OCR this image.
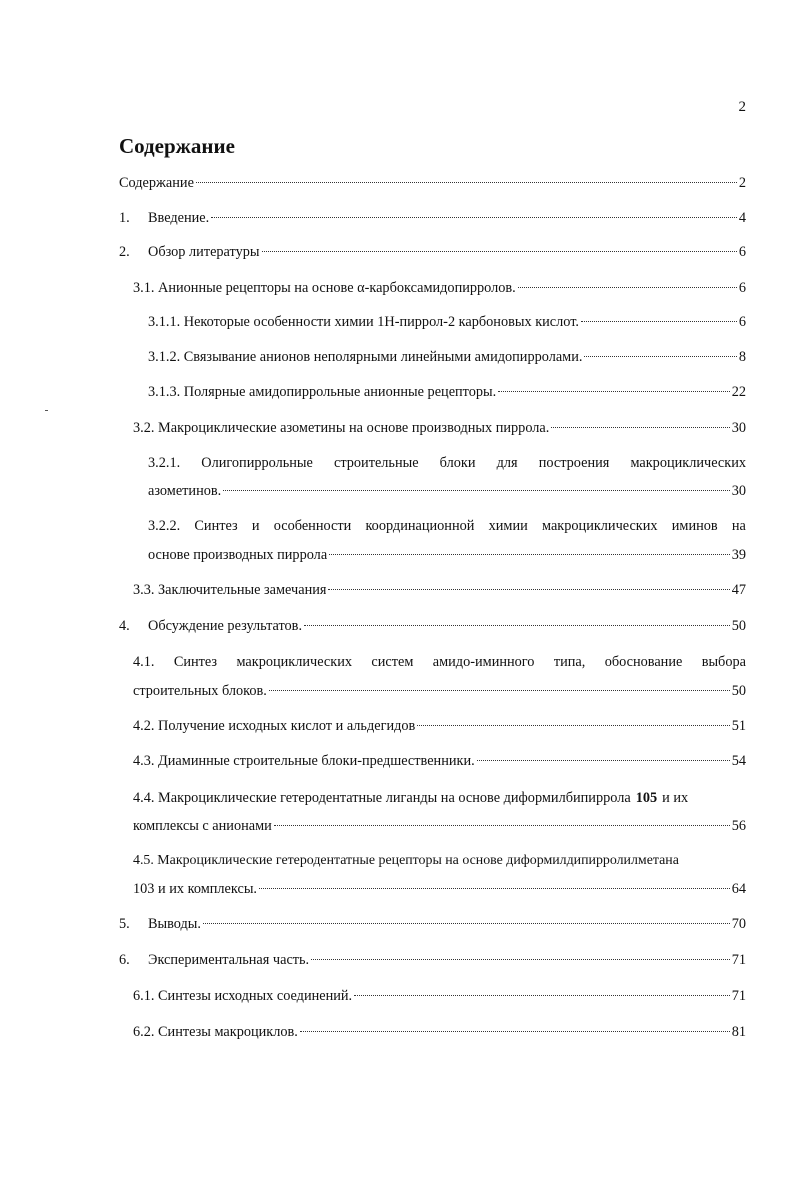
2
Содержание
Содержание	2
1.	Введение.	4
2.	Обзор литературы	6
3.1. Анионные рецепторы на основе α-карбоксамидопирролов.	6
3.1.1. Некоторые особенности химии 1Н-пиррол-2 карбоновых кислот.	6
3.1.2. Связывание анионов неполярными линейными амидопирролами.	8
3.1.3. Полярные амидопиррольные анионные рецепторы.	22
3.2. Макроциклические азометины на основе производных пиррола.	30
3.2.1. Олигопиррольные строительные блоки для построения макроциклических
азометинов.	30
3.2.2. Синтез и особенности координационной химии макроциклических иминов на
основе производных пиррола	39
3.3. Заключительные замечания	47
4.	Обсуждение результатов.	50
4.1. Синтез макроциклических систем амидо-иминного типа, обоснование выбора
строительных блоков.	50
4.2. Получение исходных кислот и альдегидов	51
4.3. Диаминные строительные блоки-предшественники.	54
4.4. Макроциклические гетеродентатные лиганды на основе диформилбипиррола 105 и их
комплексы с анионами	56
4.5. Макроциклические гетеродентатные рецепторы на основе диформилдипирролилметана
103 и их комплексы.	64
5.	Выводы.	70
6.	Экспериментальная часть.	71
6.1. Синтезы исходных соединений.	71
6.2. Синтезы макроциклов.	81
